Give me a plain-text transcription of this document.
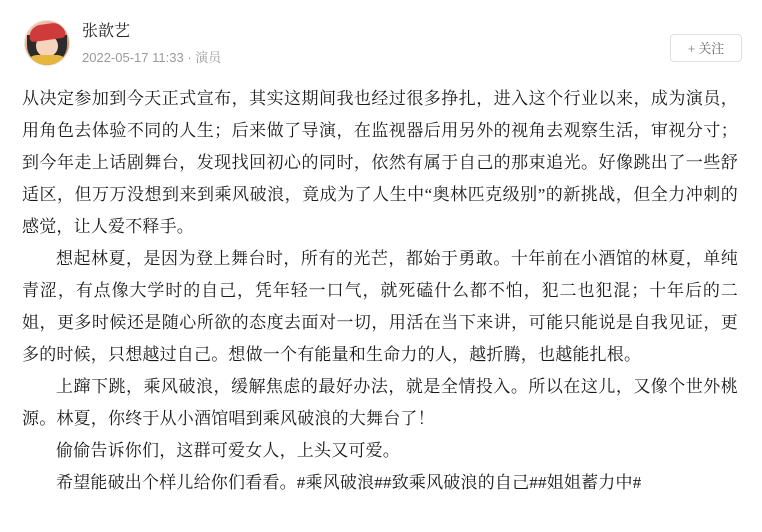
张歆艺
2022-05-17 11:33 · 演员
+ 关注

从决定参加到今天正式宣布，其实这期间我也经过很多挣扎，进入这个行业以来，成为演员，用角色去体验不同的人生；后来做了导演，在监视器后用另外的视角去观察生活，审视分寸；到今年走上话剧舞台，发现找回初心的同时，依然有属于自己的那束追光。好像跳出了一些舒适区，但万万没想到来到乘风破浪，竟成为了人生中“奥林匹克级别”的新挑战，但全力冲刺的感觉，让人爱不释手。

想起林夏，是因为登上舞台时，所有的光芒，都始于勇敢。十年前在小酒馆的林夏，单纯青涩，有点像大学时的自己，凭年轻一口气，就死磕什么都不怕，犯二也犯混；十年后的二姐，更多时候还是随心所欲的态度去面对一切，用活在当下来讲，可能只能说是自我见证，更多的时候，只想越过自己。想做一个有能量和生命力的人，越折腾，也越能扎根。

上蹿下跳，乘风破浪，缓解焦虑的最好办法，就是全情投入。所以在这儿，又像个世外桃源。林夏，你终于从小酒馆唱到乘风破浪的大舞台了！

偷偷告诉你们，这群可爱女人，上头又可爱。

希望能破出个样儿给你们看看。#乘风破浪##致乘风破浪的自己##姐姐蓄力中#
